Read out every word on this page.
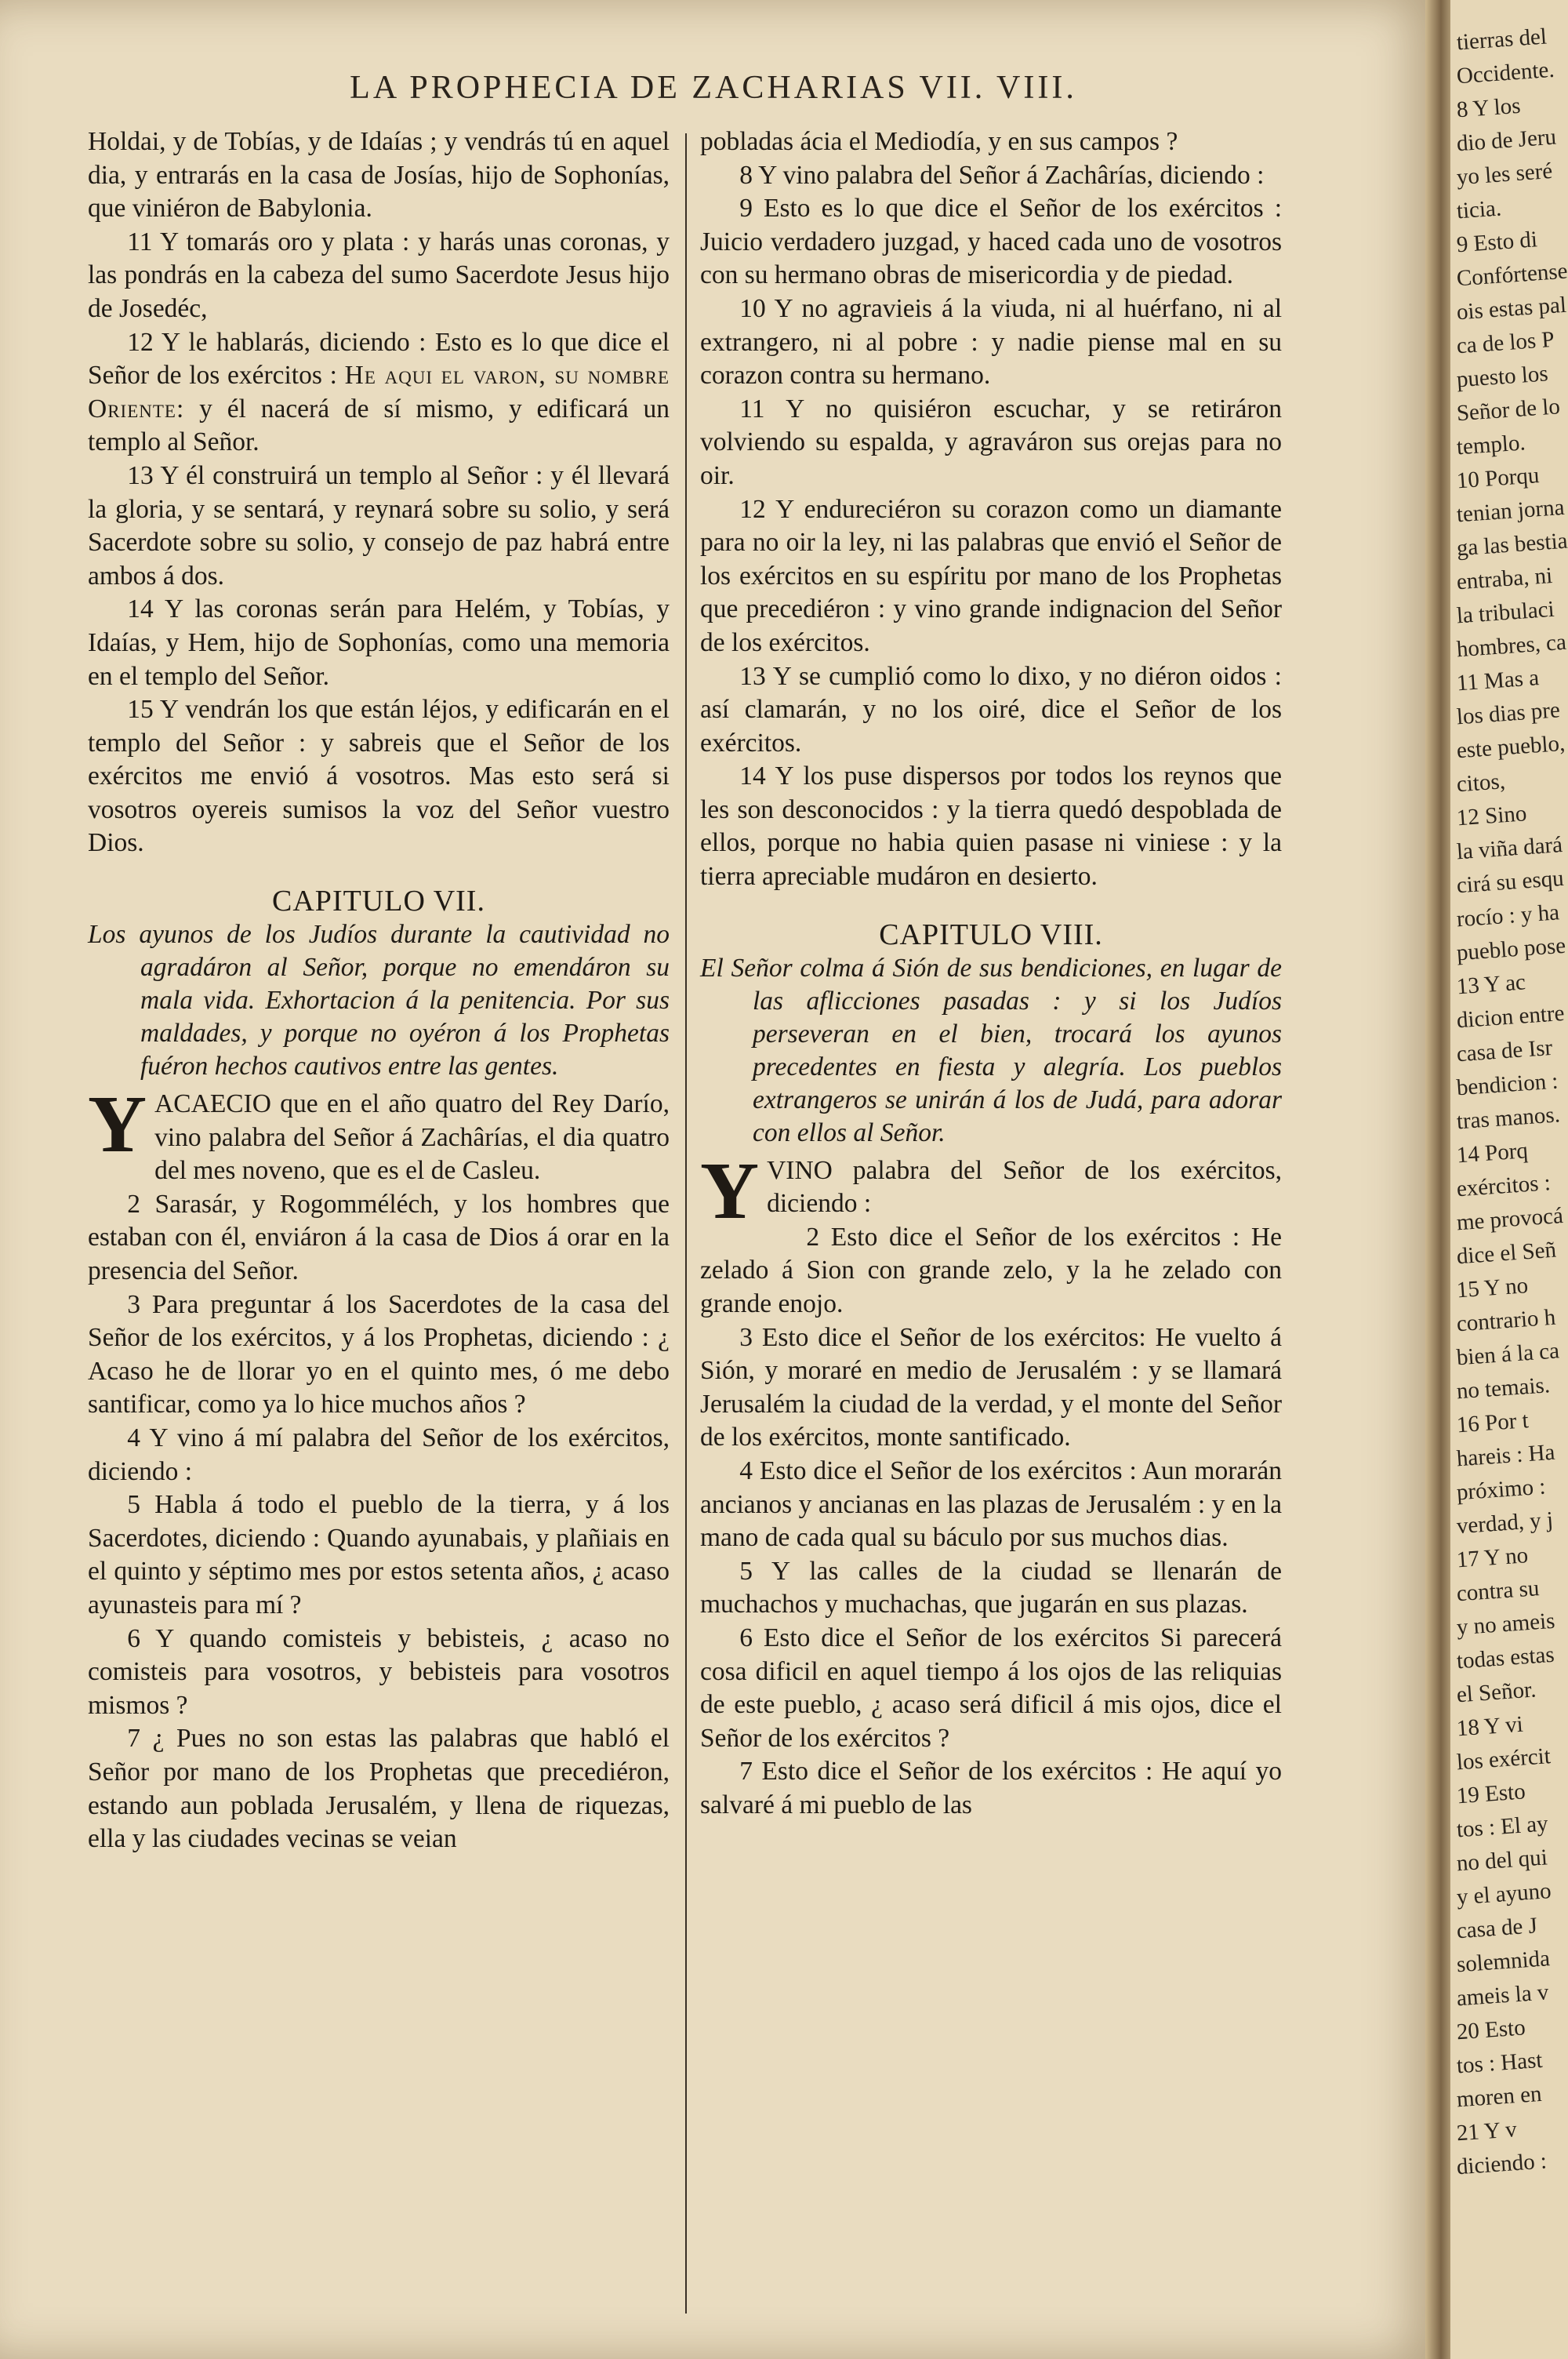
LA PROPHECIA DE ZACHARIAS VII. VIII.

Holdai, y de Tobías, y de Idaías ; y vendrás tú en aquel dia, y entrarás en la casa de Josías, hijo de Sophonías, que viniéron de Babylonia.

11 Y tomarás oro y plata : y harás unas coronas, y las pondrás en la cabeza del sumo Sacerdote Jesus hijo de Josedéc,

12 Y le hablarás, diciendo : Esto es lo que dice el Señor de los exércitos : He aqui el varon, su nombre Oriente: y él nacerá de sí mismo, y edificará un templo al Señor.

13 Y él construirá un templo al Señor : y él llevará la gloria, y se sentará, y reynará sobre su solio, y será Sacerdote sobre su solio, y consejo de paz habrá entre ambos á dos.

14 Y las coronas serán para Helém, y Tobías, y Idaías, y Hem, hijo de Sophonías, como una memoria en el templo del Señor.

15 Y vendrán los que están léjos, y edificarán en el templo del Señor : y sabreis que el Señor de los exércitos me envió á vosotros. Mas esto será si vosotros oyereis sumisos la voz del Señor vuestro Dios.

CAPITULO VII.

Los ayunos de los Judíos durante la cautividad no agradáron al Señor, porque no emendáron su mala vida. Exhortacion á la penitencia. Por sus maldades, y porque no oyéron á los Prophetas fuéron hechos cautivos entre las gentes.

Y ACAECIO que en el año quatro del Rey Darío, vino palabra del Señor á Zachârías, el dia quatro del mes noveno, que es el de Casleu.

2 Sarasár, y Rogomméléch, y los hombres que estaban con él, enviáron á la casa de Dios á orar en la presencia del Señor.

3 Para preguntar á los Sacerdotes de la casa del Señor de los exércitos, y á los Prophetas, diciendo : ¿ Acaso he de llorar yo en el quinto mes, ó me debo santificar, como ya lo hice muchos años ?

4 Y vino á mí palabra del Señor de los exércitos, diciendo :

5 Habla á todo el pueblo de la tierra, y á los Sacerdotes, diciendo : Quando ayunabais, y plañiais en el quinto y séptimo mes por estos setenta años, ¿ acaso ayunasteis para mí ?

6 Y quando comisteis y bebisteis, ¿ acaso no comisteis para vosotros, y bebisteis para vosotros mismos ?

7 ¿ Pues no son estas las palabras que habló el Señor por mano de los Prophetas que precediéron, estando aun poblada Jerusalém, y llena de riquezas, ella y las ciudades vecinas se veian

pobladas ácia el Mediodía, y en sus campos ?

8 Y vino palabra del Señor á Zachârías, diciendo :

9 Esto es lo que dice el Señor de los exércitos : Juicio verdadero juzgad, y haced cada uno de vosotros con su hermano obras de misericordia y de piedad.

10 Y no agravieis á la viuda, ni al huérfano, ni al extrangero, ni al pobre : y nadie piense mal en su corazon contra su hermano.

11 Y no quisiéron escuchar, y se retiráron volviendo su espalda, y agraváron sus orejas para no oir.

12 Y endureciéron su corazon como un diamante para no oir la ley, ni las palabras que envió el Señor de los exércitos en su espíritu por mano de los Prophetas que precediéron : y vino grande indignacion del Señor de los exércitos.

13 Y se cumplió como lo dixo, y no diéron oidos : así clamarán, y no los oiré, dice el Señor de los exércitos.

14 Y los puse dispersos por todos los reynos que les son desconocidos : y la tierra quedó despoblada de ellos, porque no habia quien pasase ni viniese : y la tierra apreciable mudáron en desierto.

CAPITULO VIII.

El Señor colma á Sión de sus bendiciones, en lugar de las aflicciones pasadas : y si los Judíos perseveran en el bien, trocará los ayunos precedentes en fiesta y alegría. Los pueblos extrangeros se unirán á los de Judá, para adorar con ellos al Señor.

Y VINO palabra del Señor de los exércitos, diciendo :

2 Esto dice el Señor de los exércitos : He zelado á Sion con grande zelo, y la he zelado con grande enojo.

3 Esto dice el Señor de los exércitos: He vuelto á Sión, y moraré en medio de Jerusalém : y se llamará Jerusalém la ciudad de la verdad, y el monte del Señor de los exércitos, monte santificado.

4 Esto dice el Señor de los exércitos : Aun morarán ancianos y ancianas en las plazas de Jerusalém : y en la mano de cada qual su báculo por sus muchos dias.

5 Y las calles de la ciudad se llenarán de muchachos y muchachas, que jugarán en sus plazas.

6 Esto dice el Señor de los exércitos Si parecerá cosa dificil en aquel tiempo á los ojos de las reliquias de este pueblo, ¿ acaso será dificil á mis ojos, dice el Señor de los exércitos ?

7 Esto dice el Señor de los exércitos : He aquí yo salvaré á mi pueblo de las

tierras del
Occidente.
8 Y los
dio de Jeru
yo les seré
ticia.
9 Esto di
Confórtense
ois estas pal
ca de los P
puesto los
Señor de lo
templo.
10 Porqu
tenian jorna
ga las bestia
entraba, ni
la tribulaci
hombres, ca
11 Mas a
los dias pre
este pueblo,
citos,
12 Sino
la viña dará
cirá su esqu
rocío : y ha
pueblo pose
13 Y ac
dicion entre
casa de Isr
bendicion :
tras manos.
14 Porq
exércitos :
me provocá
dice el Señ
15 Y no
contrario h
bien á la ca
no temais.
16 Por t
hareis : Ha
próximo :
verdad, y j
17 Y no
contra su
y no ameis
todas estas
el Señor.
18 Y vi
los exércit
19 Esto
tos : El ay
no del qui
y el ayuno
casa de J
solemnida
ameis la v
20 Esto
tos : Hast
moren en
21 Y v
diciendo :
